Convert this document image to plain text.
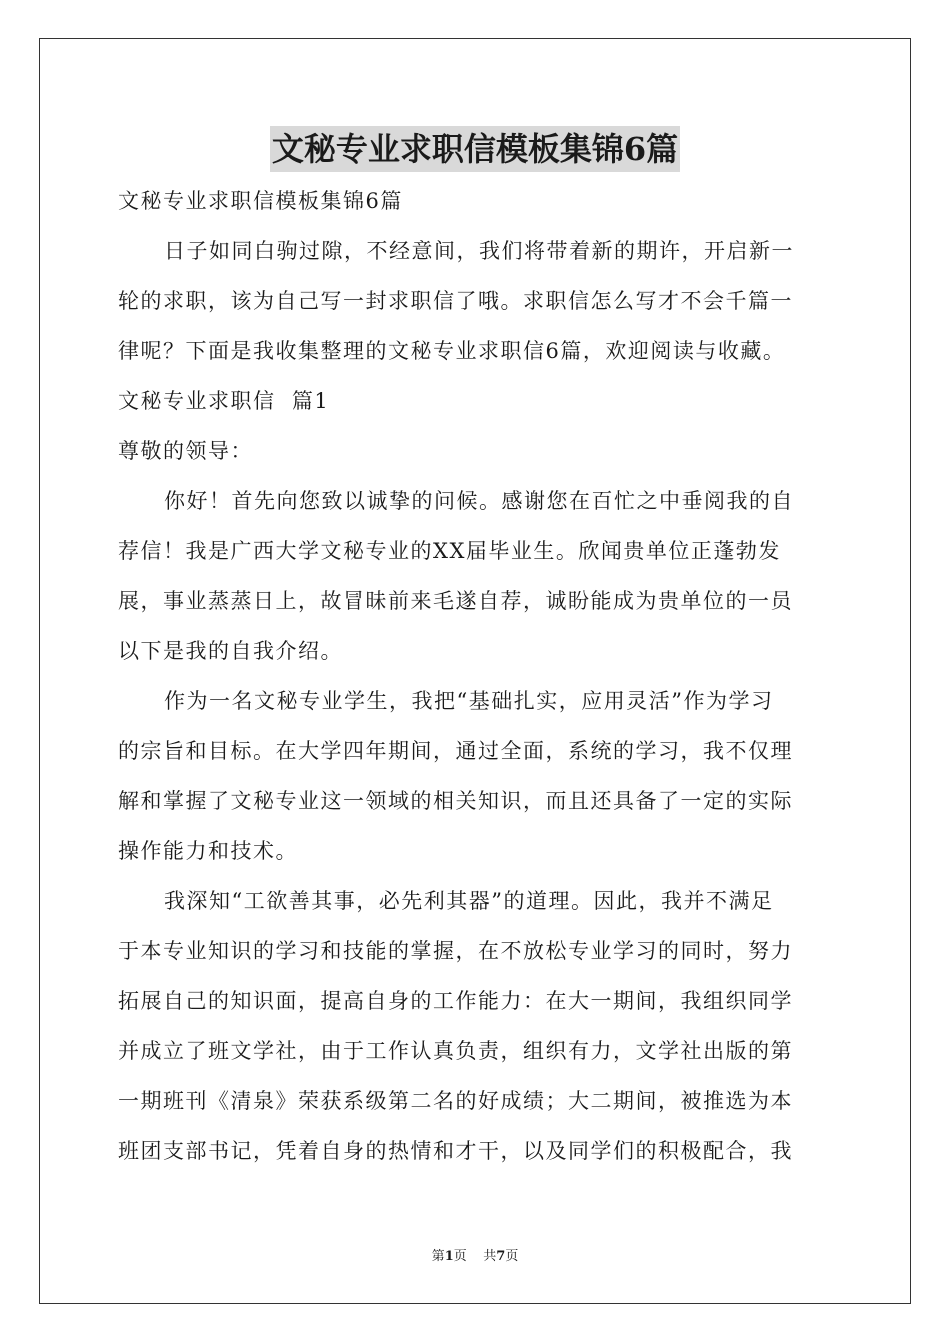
文秘专业求职信模板集锦6篇
文秘专业求职信模板集锦6篇
日子如同白驹过隙，不经意间，我们将带着新的期许，开启新一
轮的求职，该为自己写一封求职信了哦。求职信怎么写才不会千篇一
律呢？下面是我收集整理的文秘专业求职信6篇，欢迎阅读与收藏。
文秘专业求职信  篇1
尊敬的领导：
你好！首先向您致以诚挚的问候。感谢您在百忙之中垂阅我的自
荐信！我是广西大学文秘专业的XX届毕业生。欣闻贵单位正蓬勃发
展，事业蒸蒸日上，故冒昧前来毛遂自荐，诚盼能成为贵单位的一员
以下是我的自我介绍。
作为一名文秘专业学生，我把“基础扎实，应用灵活”作为学习
的宗旨和目标。在大学四年期间，通过全面，系统的学习，我不仅理
解和掌握了文秘专业这一领域的相关知识，而且还具备了一定的实际
操作能力和技术。
我深知“工欲善其事，必先利其器”的道理。因此，我并不满足
于本专业知识的学习和技能的掌握，在不放松专业学习的同时，努力
拓展自己的知识面，提高自身的工作能力：在大一期间，我组织同学
并成立了班文学社，由于工作认真负责，组织有力，文学社出版的第
一期班刊《清泉》荣获系级第二名的好成绩；大二期间，被推选为本
班团支部书记，凭着自身的热情和才干，以及同学们的积极配合，我
第1页    共7页
